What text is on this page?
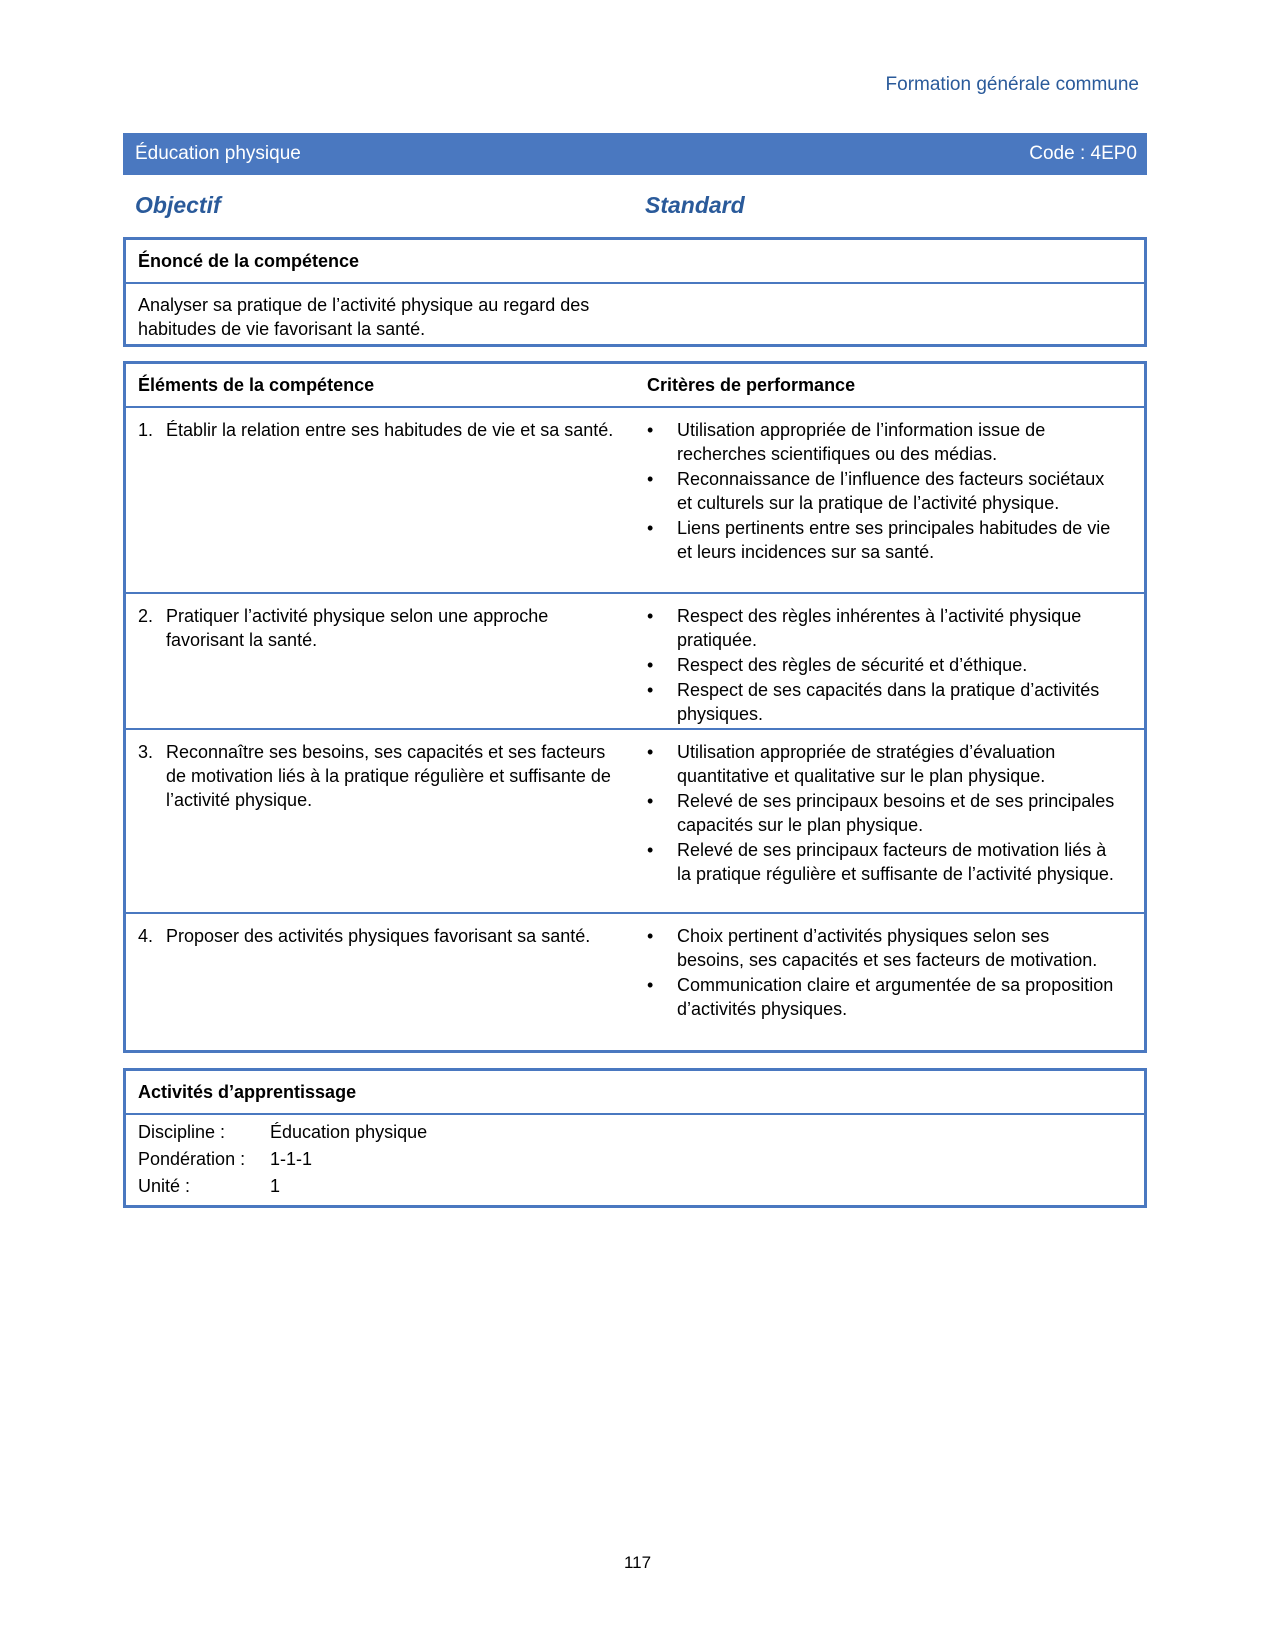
Formation générale commune
Éducation physique	Code : 4EP0
Objectif	Standard
Énoncé de la compétence
Analyser sa pratique de l’activité physique au regard des habitudes de vie favorisant la santé.
Éléments de la compétence	Critères de performance
1. Établir la relation entre ses habitudes de vie et sa santé. •	Utilisation appropriée de l’information issue de recherches scientifiques ou des médias.
•	Reconnaissance de l’influence des facteurs sociétaux et culturels sur la pratique de l’activité physique.
•	Liens pertinents entre ses principales habitudes de vie et leurs incidences sur sa santé.
2. Pratiquer l’activité physique selon une approche favorisant la santé.
•	Respect des règles inhérentes à l’activité physique pratiquée.
•	Respect des règles de sécurité et d’éthique.
•	Respect de ses capacités dans la pratique d’activités physiques.
3. Reconnaître ses besoins, ses capacités et ses facteurs de motivation liés à la pratique régulière et suffisante de l’activité physique.
•	Utilisation appropriée de stratégies d’évaluation quantitative et qualitative sur le plan physique.
•	Relevé de ses principaux besoins et de ses principales capacités sur le plan physique.
•	Relevé de ses principaux facteurs de motivation liés à la pratique régulière et suffisante de l’activité physique.
4. Proposer des activités physiques favorisant sa santé.	•	Choix pertinent d’activités physiques selon ses besoins, ses capacités et ses facteurs de motivation.
•	Communication claire et argumentée de sa proposition d’activités physiques.
Activités d’apprentissage
Discipline :	Éducation physique
Pondération :	1-1-1
Unité :	1
117
